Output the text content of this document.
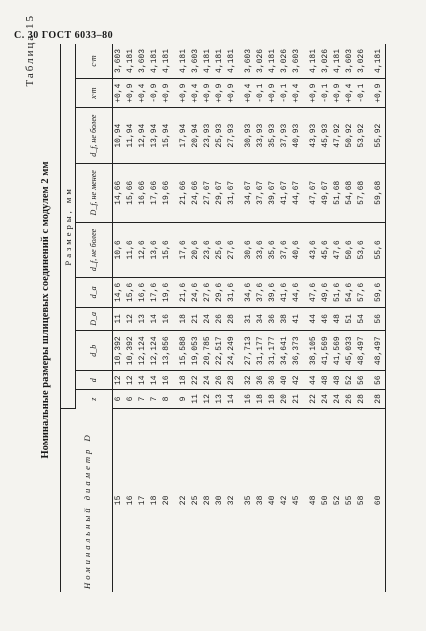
С. 30 ГОСТ 6033–80
Таблица 15
Номинальные размеры шлицевых соединений с модулем 2 мм
Номинальный диаметр D	Размеры, мм									
	z	d	d_b	D_a	d_a	d_f, не более	D_f, не менее	d_f, не более	x·m	c·m
15	6	12	10,392	11	14,6	10,6	14,66	10,94	+0,4	3,603
16	6	12	10,392	12	15,6	11,6	15,66	11,94	+0,9	4,181
17	7	14	12,124	13	16,6	12,6	16,66	12,94	+0,4	3,603
18	7	14	12,124	14	17,6	13,6	17,66	13,94	-0,9	4,181
20	8	16	13,856	16	19,6	15,6	19,66	15,94	+0,9	4,181
22	9	18	15,588	18	21,6	17,6	21,66	17,94	+0,9	4,181
25	11	22	19,053	21	24,6	20,6	24,66	20,94	+0,4	3,603
28	12	24	20,785	24	27,6	23,6	27,67	23,93	+0,9	4,181
30	13	26	22,517	26	29,6	25,6	29,67	25,93	+0,9	4,181
32	14	28	24,249	28	31,6	27,6	31,67	27,93	+0,9	4,181
35	16	32	27,713	31	34,6	30,6	34,67	30,93	+0,4	3,603
38	18	36	31,177	34	37,6	33,6	37,67	33,93	-0,1	3,026
40	18	36	31,177	36	39,6	35,6	39,67	35,93	+0,9	4,181
42	20	40	34,641	38	41,6	37,6	41,67	37,93	-0,1	3,026
45	21	42	36,373	41	44,6	40,6	44,67	40,93	+0,4	3,603
48	22	44	38,105	44	47,6	43,6	47,67	43,93	+0,9	4,181
50	24	48	41,569	46	49,6	45,6	49,67	45,93	-0,1	3,026
52	24	48	41,569	48	51,6	47,6	51,68	47,92	+0,9	4,181
55	26	52	45,033	51	54,6	50,6	54,68	50,92	+0,4	3,603
58	28	56	48,497	54	57,6	53,6	57,68	53,92	-0,1	3,026
60	28	56	48,497	56	59,6	55,6	59,68	55,92	+0,9	4,181
